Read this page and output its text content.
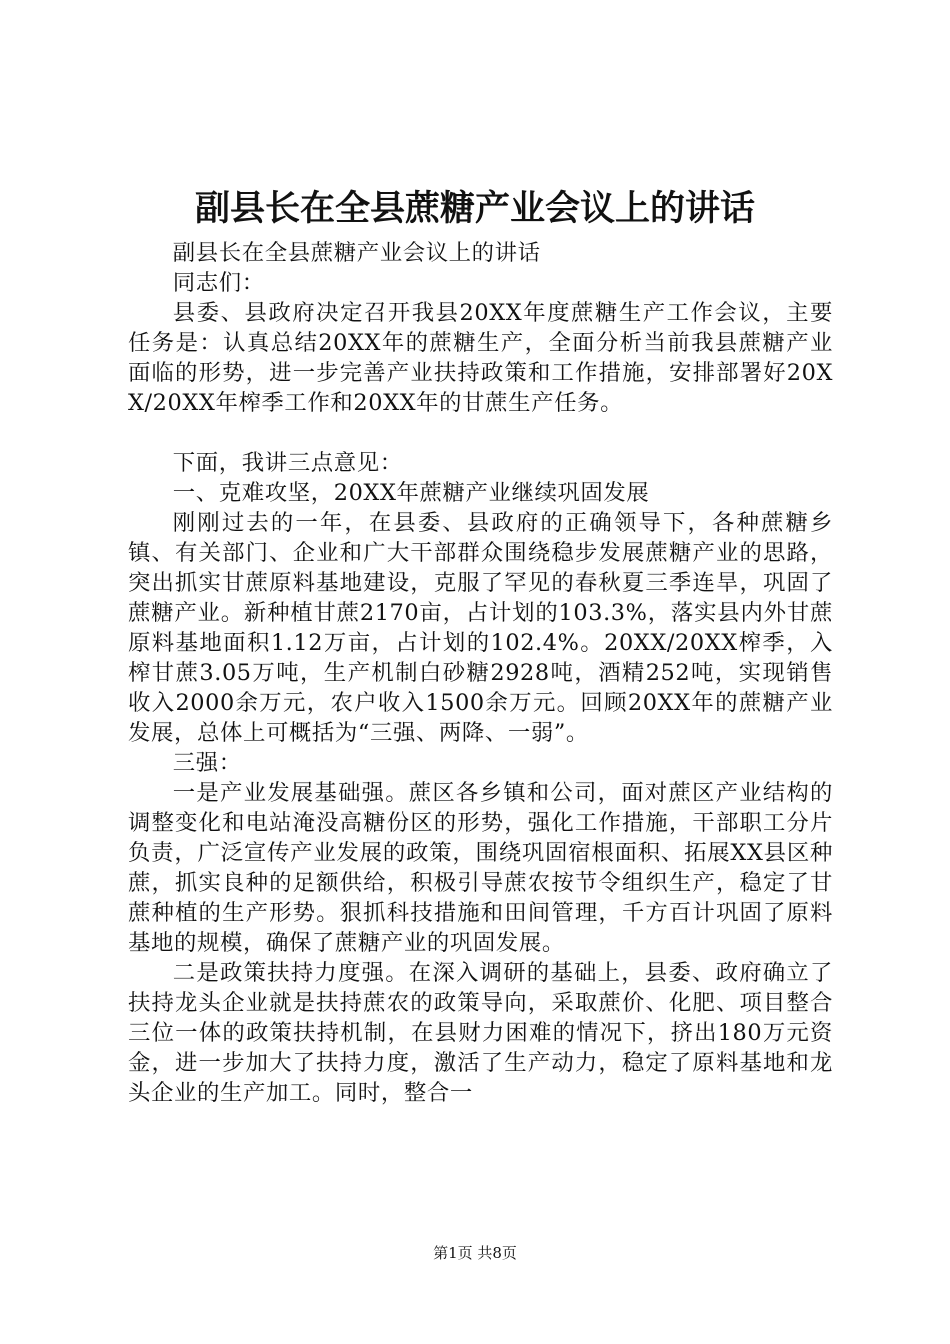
副县长在全县蔗糖产业会议上的讲话

副县长在全县蔗糖产业会议上的讲话

同志们：

县委、县政府决定召开我县20XX年度蔗糖生产工作会议，主要任务是：认真总结20XX年的蔗糖生产，全面分析当前我县蔗糖产业面临的形势，进一步完善产业扶持政策和工作措施，安排部署好20XX/20XX年榨季工作和20XX年的甘蔗生产任务。

下面，我讲三点意见：

一、克难攻坚，20XX年蔗糖产业继续巩固发展

刚刚过去的一年，在县委、县政府的正确领导下，各种蔗糖乡镇、有关部门、企业和广大干部群众围绕稳步发展蔗糖产业的思路，突出抓实甘蔗原料基地建设，克服了罕见的春秋夏三季连旱，巩固了蔗糖产业。新种植甘蔗2170亩，占计划的103.3%，落实县内外甘蔗原料基地面积1.12万亩，占计划的102.4%。20XX/20XX榨季，入榨甘蔗3.05万吨，生产机制白砂糖2928吨，酒精252吨，实现销售收入2000余万元，农户收入1500余万元。回顾20XX年的蔗糖产业发展，总体上可概括为“三强、两降、一弱”。

三强：

一是产业发展基础强。蔗区各乡镇和公司，面对蔗区产业结构的调整变化和电站淹没高糖份区的形势，强化工作措施，干部职工分片负责，广泛宣传产业发展的政策，围绕巩固宿根面积、拓展XX县区种蔗，抓实良种的足额供给，积极引导蔗农按节令组织生产，稳定了甘蔗种植的生产形势。狠抓科技措施和田间管理，千方百计巩固了原料基地的规模，确保了蔗糖产业的巩固发展。

二是政策扶持力度强。在深入调研的基础上，县委、政府确立了扶持龙头企业就是扶持蔗农的政策导向，采取蔗价、化肥、项目整合三位一体的政策扶持机制，在县财力困难的情况下，挤出180万元资金，进一步加大了扶持力度，激活了生产动力，稳定了原料基地和龙头企业的生产加工。同时，整合一

第1页 共8页
